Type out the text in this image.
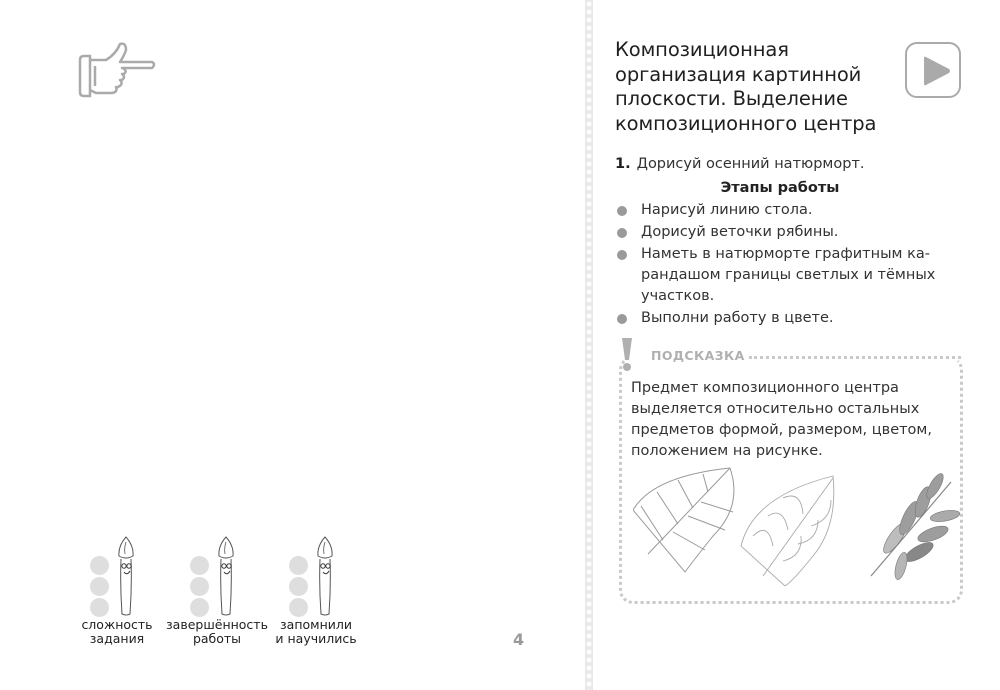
сложность
задания
завершённость
работы
запомнили
и научились	4
Композиционная
организация картинной
плоскости. Выделение
композиционного центра
1. Дорисуй осенний натюрморт.
Этапы работы
Нарисуй линию стола.
Дорисуй веточки рябины.
Наметь в натюрморте графитным ка-рандашом границы светлых и тёмных участков.
Выполни работу в цвете.
ПОДСКАЗКА
Предмет композиционного центра выделяется относительно остальных предметов формой, размером, цветом, положением на рисунке.
